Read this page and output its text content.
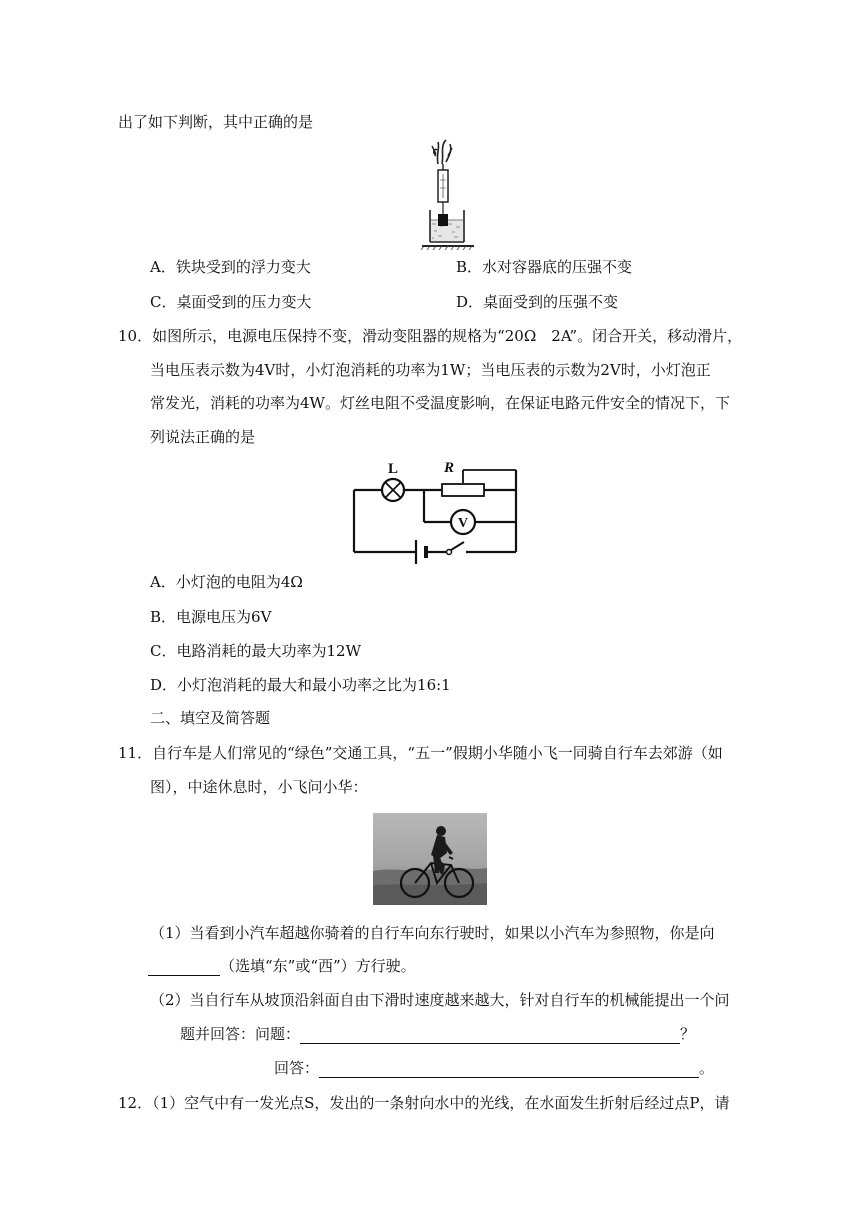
出了如下判断，其中正确的是
A．铁块受到的浮力变大	B．水对容器底的压强不变
C．桌面受到的压力变大	D．桌面受到的压强不变
10．如图所示，电源电压保持不变，滑动变阻器的规格为“20Ω　2A”。闭合开关，移动滑片，
当电压表示数为4V时，小灯泡消耗的功率为1W；当电压表的示数为2V时，小灯泡正
常发光，消耗的功率为4W。灯丝电阻不受温度影响，在保证电路元件安全的情况下，下
列说法正确的是
L	R
V
A．小灯泡的电阻为4Ω
B．电源电压为6V
C．电路消耗的最大功率为12W
D．小灯泡消耗的最大和最小功率之比为16:1
二、填空及简答题
11．自行车是人们常见的“绿色”交通工具，“五一”假期小华随小飞一同骑自行车去郊游（如
图），中途休息时，小飞问小华：
（1）当看到小汽车超越你骑着的自行车向东行驶时，如果以小汽车为参照物，你是向
（选填“东”或“西”）方行驶。
（2）当自行车从坡顶沿斜面自由下滑时速度越来越大，针对自行车的机械能提出一个问
题并回答：问题：	？
回答：	。
12．（1）空气中有一发光点S，发出的一条射向水中的光线，在水面发生折射后经过点P，请
